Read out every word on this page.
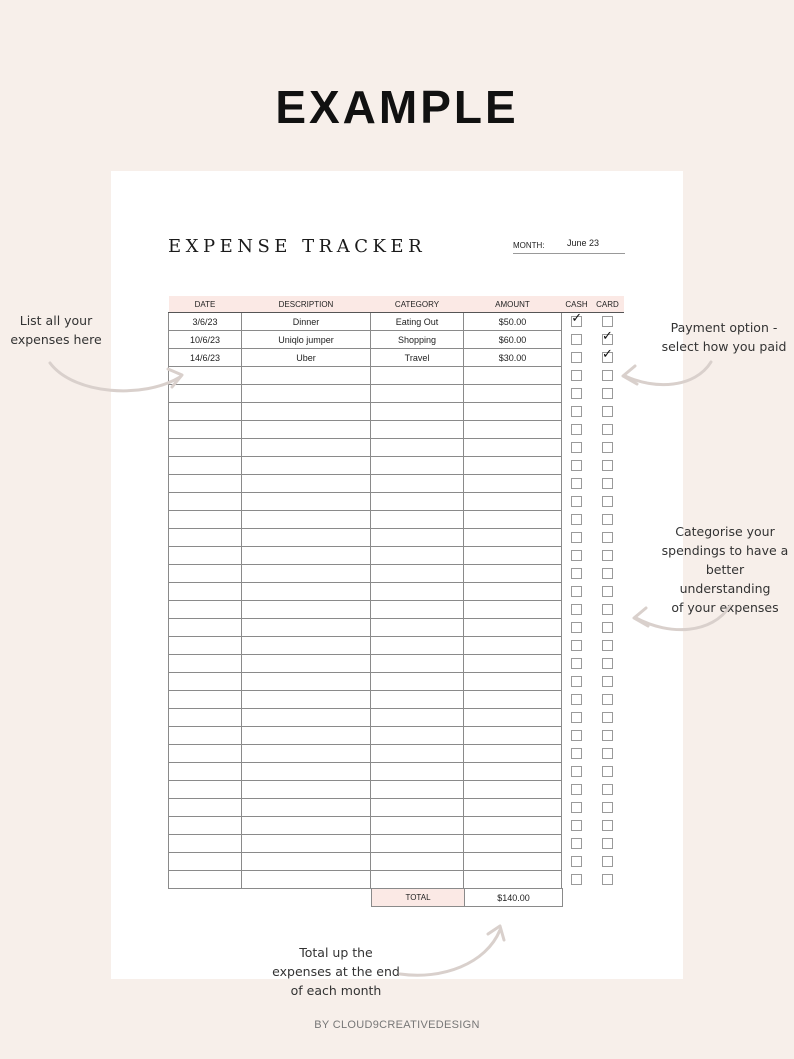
EXAMPLE
EXPENSE TRACKER	MONTH: June 23
DATE	DESCRIPTION	CATEGORY	AMOUNT	CASH	CARD
3/6/23	Dinner	Eating Out	$50.00	✓	

10/6/23	Uniqlo jumper	Shopping	$60.00		✓

14/6/23	Uber	Travel	$30.00		✓

TOTAL	$140.00
List all your
expenses here
Payment option -
select how you paid
Categorise your
spendings to have a
better understanding
of your expenses
Total up the
expenses at the end
of each month
BY CLOUD9CREATIVEDESIGN
